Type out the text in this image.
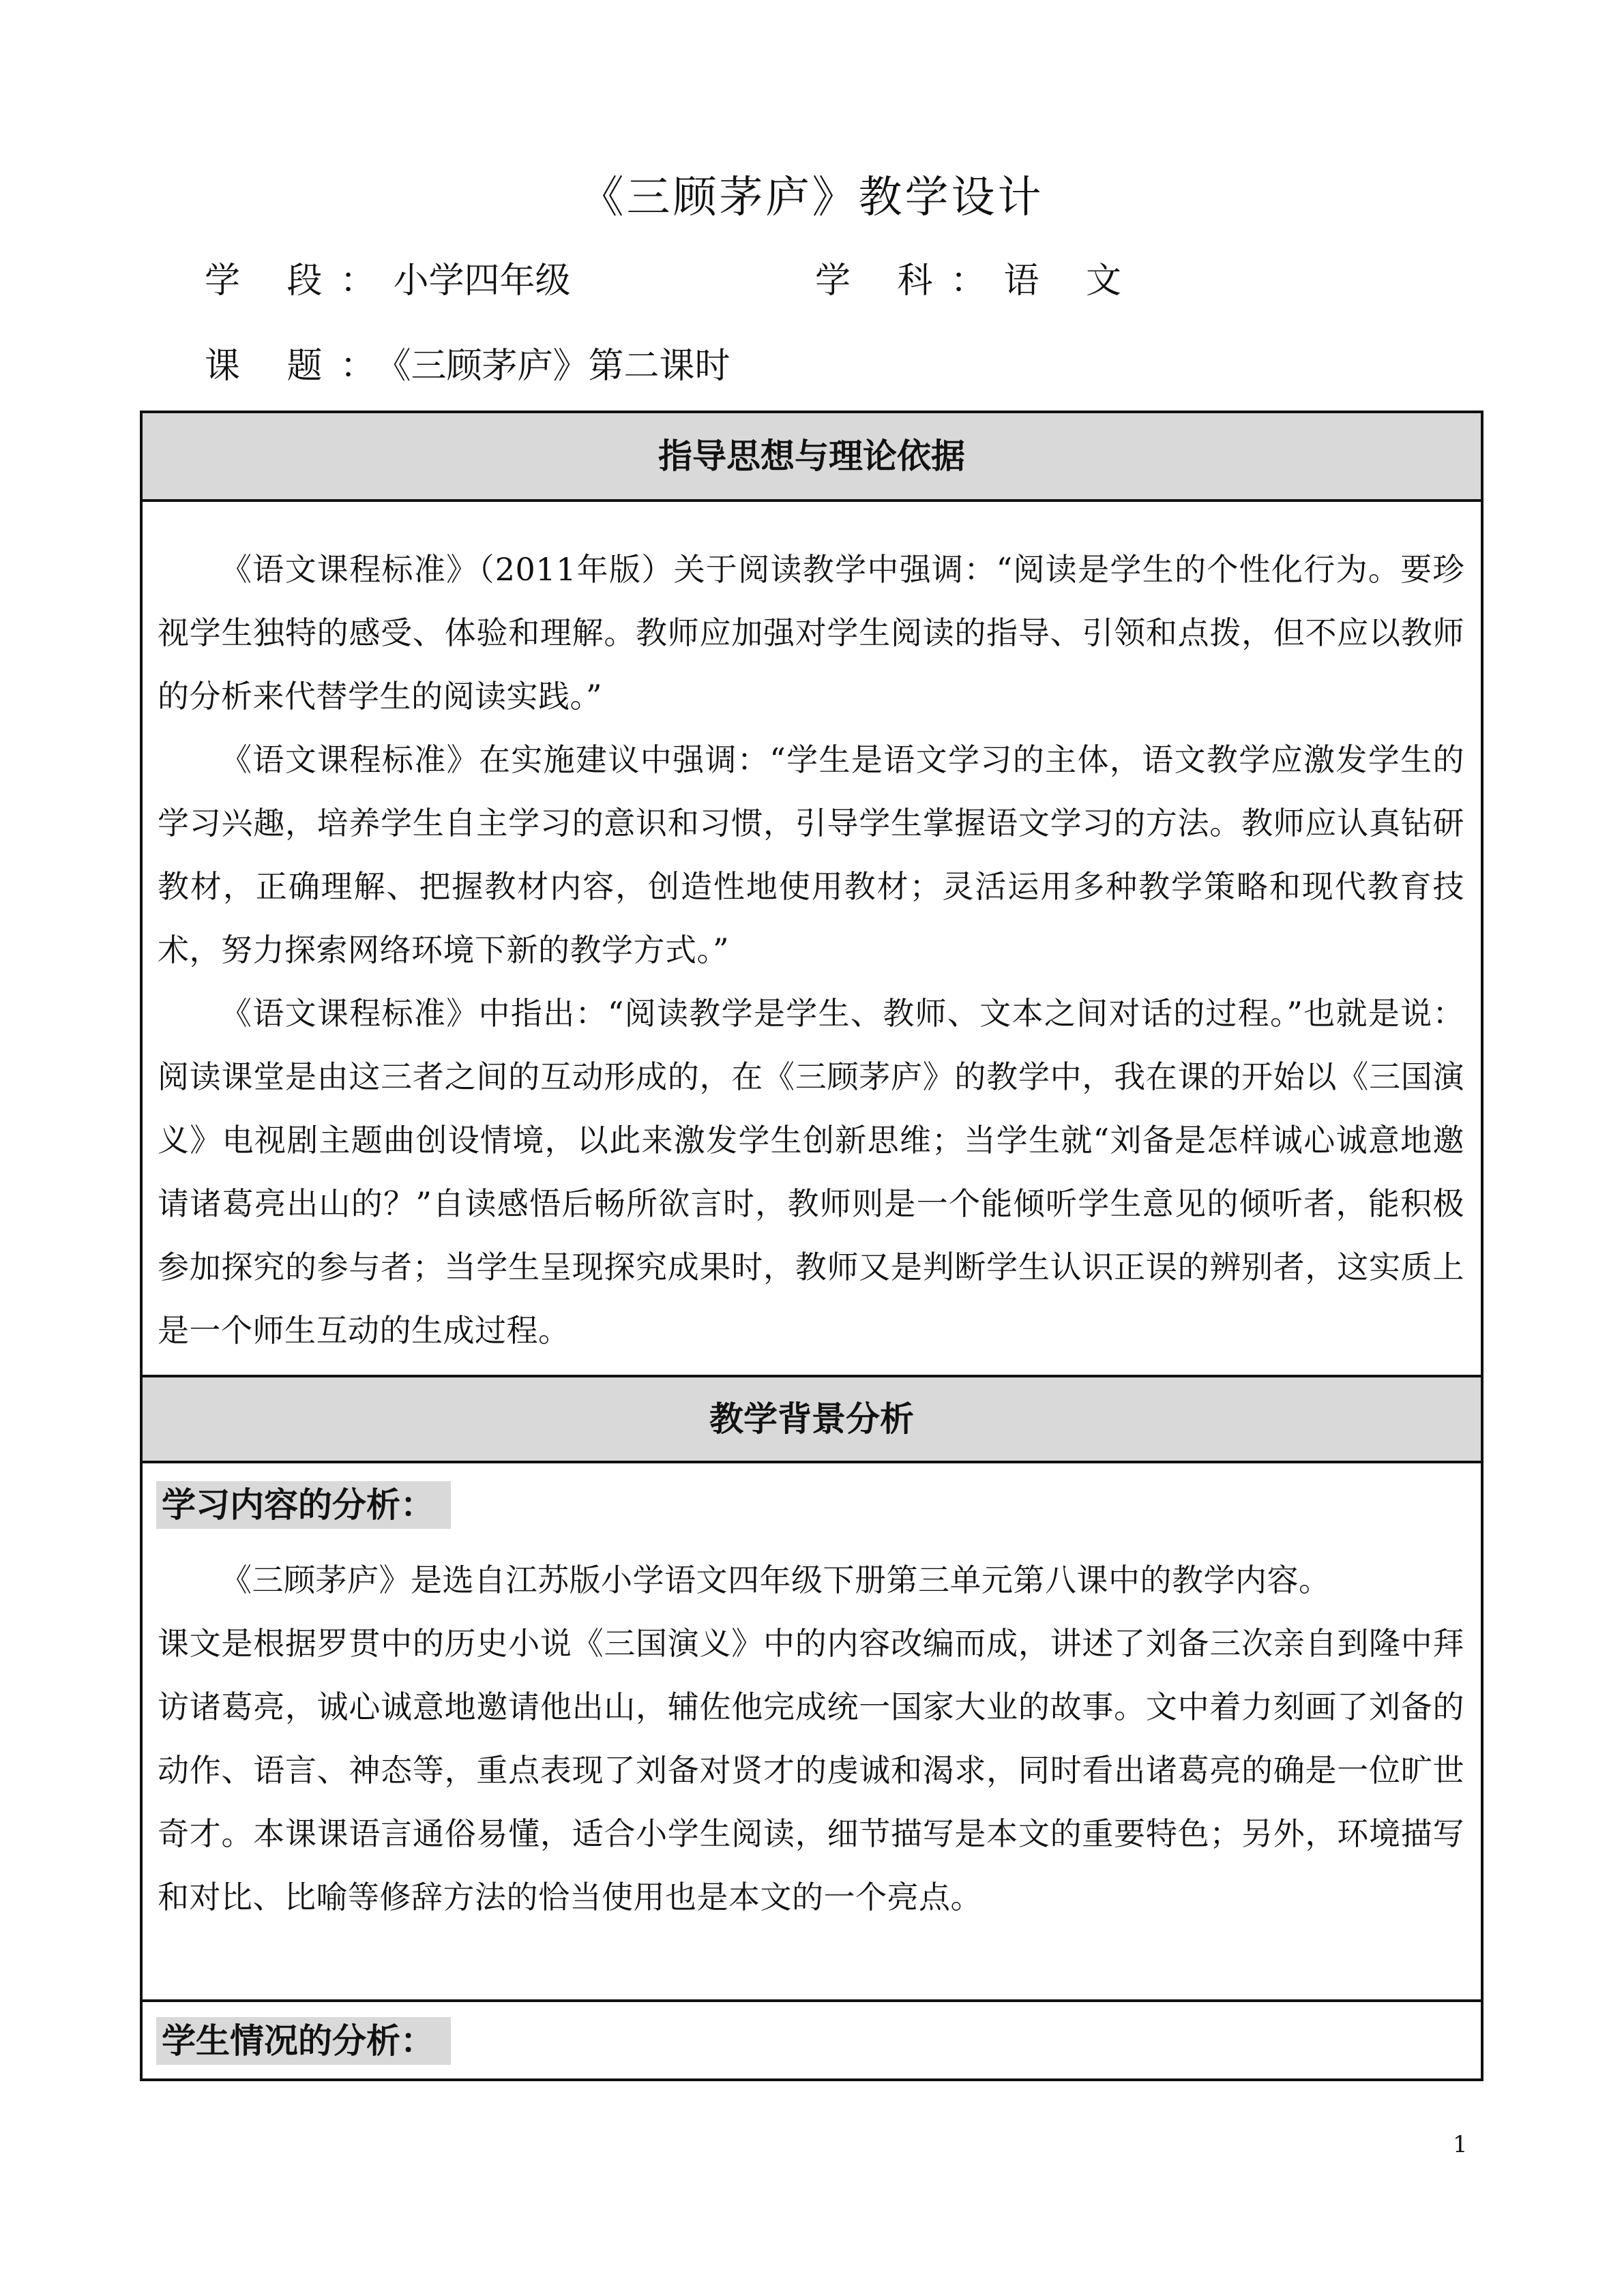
《三顾茅庐》教学设计
学 段：小学四年级	学 科：语 文
课 题：《三顾茅庐》第二课时
指导思想与理论依据

《语文课程标准》（2011年版）关于阅读教学中强调：“阅读是学生的个性化行为。要珍视学生独特的感受、体验和理解。教师应加强对学生阅读的指导、引领和点拨，但不应以教师的分析来代替学生的阅读实践。”

《语文课程标准》在实施建议中强调：“学生是语文学习的主体，语文教学应激发学生的学习兴趣，培养学生自主学习的意识和习惯，引导学生掌握语文学习的方法。教师应认真钻研教材，正确理解、把握教材内容，创造性地使用教材；灵活运用多种教学策略和现代教育技术，努力探索网络环境下新的教学方式。”

《语文课程标准》中指出：“阅读教学是学生、教师、文本之间对话的过程。”也就是说：阅读课堂是由这三者之间的互动形成的，在《三顾茅庐》的教学中，我在课的开始以《三国演义》电视剧主题曲创设情境，以此来激发学生创新思维；当学生就“刘备是怎样诚心诚意地邀请诸葛亮出山的？”自读感悟后畅所欲言时，教师则是一个能倾听学生意见的倾听者，能积极参加探究的参与者；当学生呈现探究成果时，教师又是判断学生认识正误的辨别者，这实质上是一个师生互动的生成过程。

教学背景分析
学习内容的分析：

《三顾茅庐》是选自江苏版小学语文四年级下册第三单元第八课中的教学内容。

课文是根据罗贯中的历史小说《三国演义》中的内容改编而成，讲述了刘备三次亲自到隆中拜访诸葛亮，诚心诚意地邀请他出山，辅佐他完成统一国家大业的故事。文中着力刻画了刘备的动作、语言、神态等，重点表现了刘备对贤才的虔诚和渴求，同时看出诸葛亮的确是一位旷世奇才。本课课语言通俗易懂，适合小学生阅读，细节描写是本文的重要特色；另外，环境描写和对比、比喻等修辞方法的恰当使用也是本文的一个亮点。

学生情况的分析：
1
